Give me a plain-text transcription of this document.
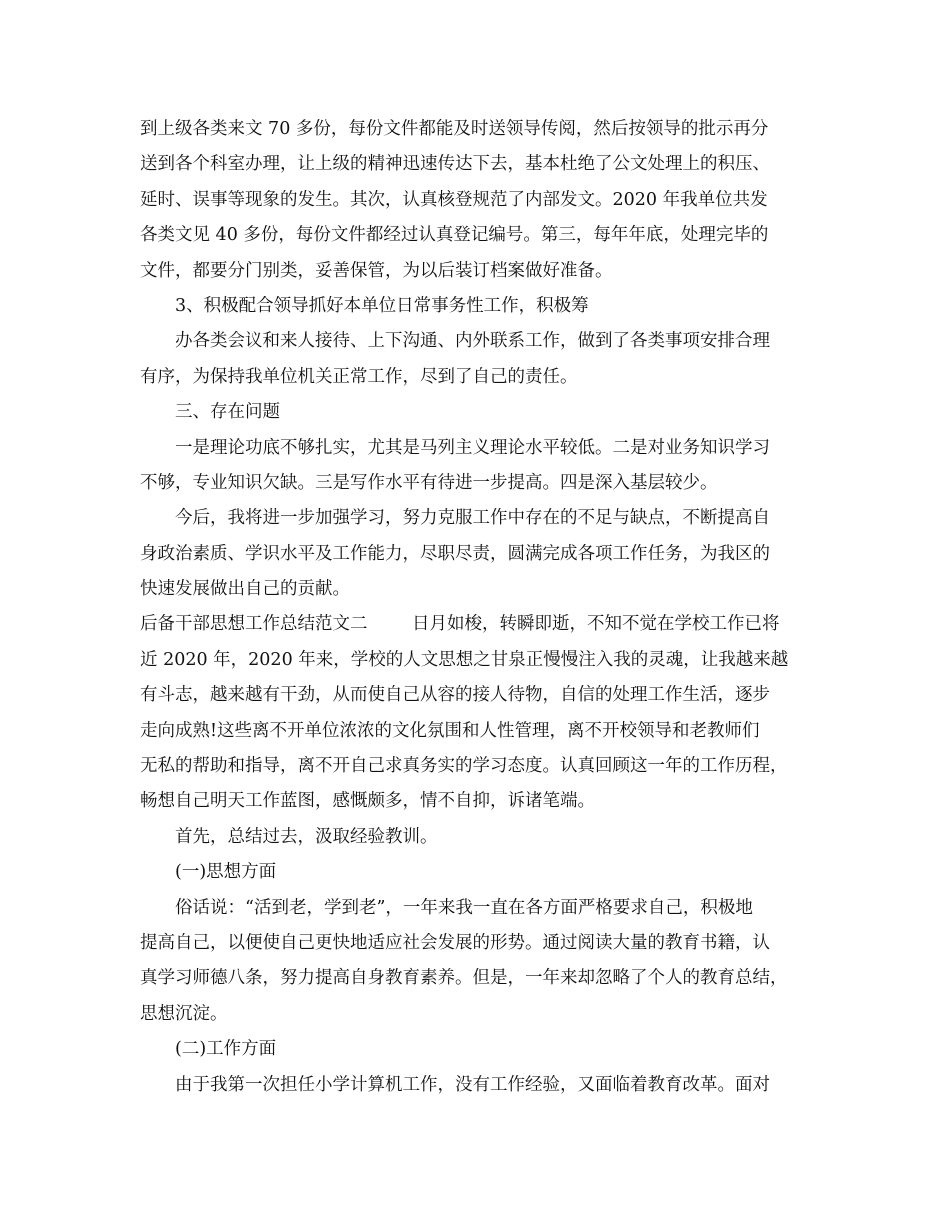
到上级各类来文 70 多份，每份文件都能及时送领导传阅，然后按领导的批示再分
送到各个科室办理，让上级的精神迅速传达下去，基本杜绝了公文处理上的积压、
延时、误事等现象的发生。其次，认真核登规范了内部发文。2020 年我单位共发
各类文见 40 多份，每份文件都经过认真登记编号。第三，每年年底，处理完毕的
文件，都要分门别类，妥善保管，为以后装订档案做好准备。
3、积极配合领导抓好本单位日常事务性工作，积极筹
办各类会议和来人接待、上下沟通、内外联系工作，做到了各类事项安排合理
有序，为保持我单位机关正常工作，尽到了自己的责任。
三、存在问题
一是理论功底不够扎实，尤其是马列主义理论水平较低。二是对业务知识学习
不够，专业知识欠缺。三是写作水平有待进一步提高。四是深入基层较少。
今后，我将进一步加强学习，努力克服工作中存在的不足与缺点，不断提高自
身政治素质、学识水平及工作能力，尽职尽责，圆满完成各项工作任务，为我区的
快速发展做出自己的贡献。
后备干部思想工作总结范文二        日月如梭，转瞬即逝，不知不觉在学校工作已将
近 2020 年，2020 年来，学校的人文思想之甘泉正慢慢注入我的灵魂，让我越来越
有斗志，越来越有干劲，从而使自己从容的接人待物，自信的处理工作生活，逐步
走向成熟!这些离不开单位浓浓的文化氛围和人性管理，离不开校领导和老教师们
无私的帮助和指导，离不开自己求真务实的学习态度。认真回顾这一年的工作历程，
畅想自己明天工作蓝图，感慨颇多，情不自抑，诉诸笔端。
首先，总结过去，汲取经验教训。
(一)思想方面
俗话说：“活到老，学到老”，一年来我一直在各方面严格要求自己，积极地
提高自己，以便使自己更快地适应社会发展的形势。通过阅读大量的教育书籍，认
真学习师德八条，努力提高自身教育素养。但是，一年来却忽略了个人的教育总结，
思想沉淀。
(二)工作方面
由于我第一次担任小学计算机工作，没有工作经验，又面临着教育改革。面对
